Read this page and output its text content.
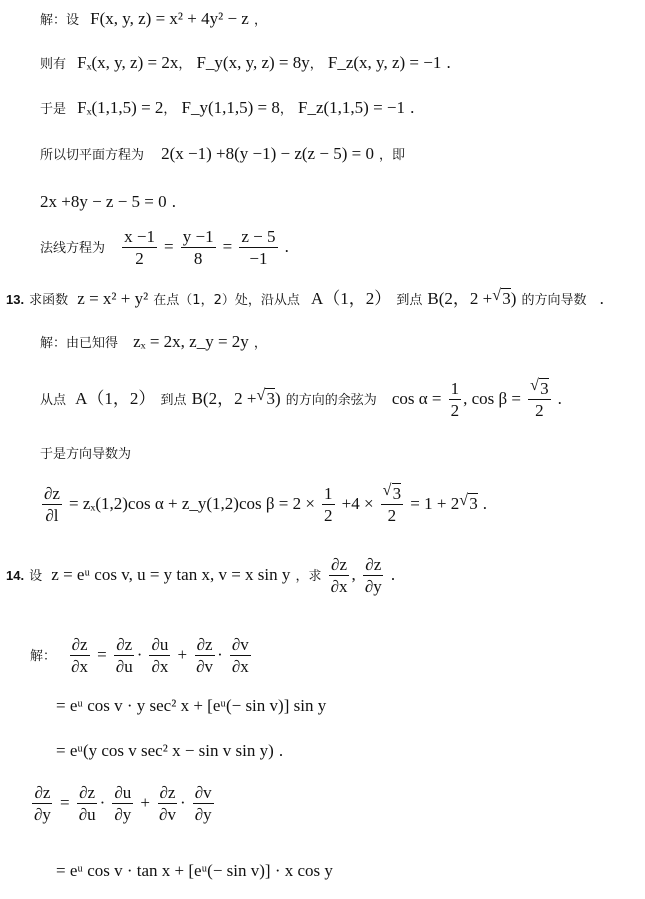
解：设 F(x, y, z) = x² + 4y² − z ，
则有 Fₓ(x, y, z) = 2x， F_y(x, y, z) = 8y， F_z(x, y, z) = −1 .
于是 Fₓ(1,1,5) = 2， F_y(1,1,5) = 8， F_z(1,1,5) = −1 .
所以切平面方程为 2(x −1) +8(y −1) − z(z − 5) = 0 ，即
2x +8y − z − 5 = 0 .
法线方程为 $\frac{x -1}{2} = \frac{y -1}{8} = \frac{z - 5}{-1}$ .
13. 求函数 z = x² + y² 在点（1，2）处，沿从点 A（1，2） 到点 B(2，2 + √ 3) 的方向导数 .
解：由已知得 zₓ = 2x, z_y = 2y ，
从点 A（1，2） 到点 B(2，2 + √ 3) 的方向的余弦为 $\cos \alpha = \frac{1}{2}$ , $\cos \beta = \frac{√ 3}{2}$ .
于是方向导数为
$\frac{\partial z}{\partial l} = z_x(1,2)\cos$ α + z_y(1,2)cos $\beta = 2 \times \frac{1}{2} +4 \times \frac{√ 3}{2} = 1 + 2$ √ 3 .
14. 设 z = eᵘ cos v, u = y tan x, v = x sin y ，求 $\frac{\partial z}{\partial x}$ , $\frac{\partial z}{\partial y}$ .
解： $\frac{\partial z}{\partial x} = \frac{\partial z}{\partial u} \cdot \frac{\partial u}{\partial x} + \frac{\partial z}{\partial v} \cdot \frac{\partial v}{\partial x}$
= eᵘ cos v · y sec² x + [eᵘ(− sin v)] sin y
= eᵘ(y cos v sec² x − sin v sin y) .
$\frac{\partial z}{\partial y} = \frac{\partial z}{\partial u} \cdot \frac{\partial u}{\partial y} + \frac{\partial z}{\partial v} \cdot \frac{\partial v}{\partial y}$
= eᵘ cos v · tan x + [eᵘ(− sin v)] · x cos y
